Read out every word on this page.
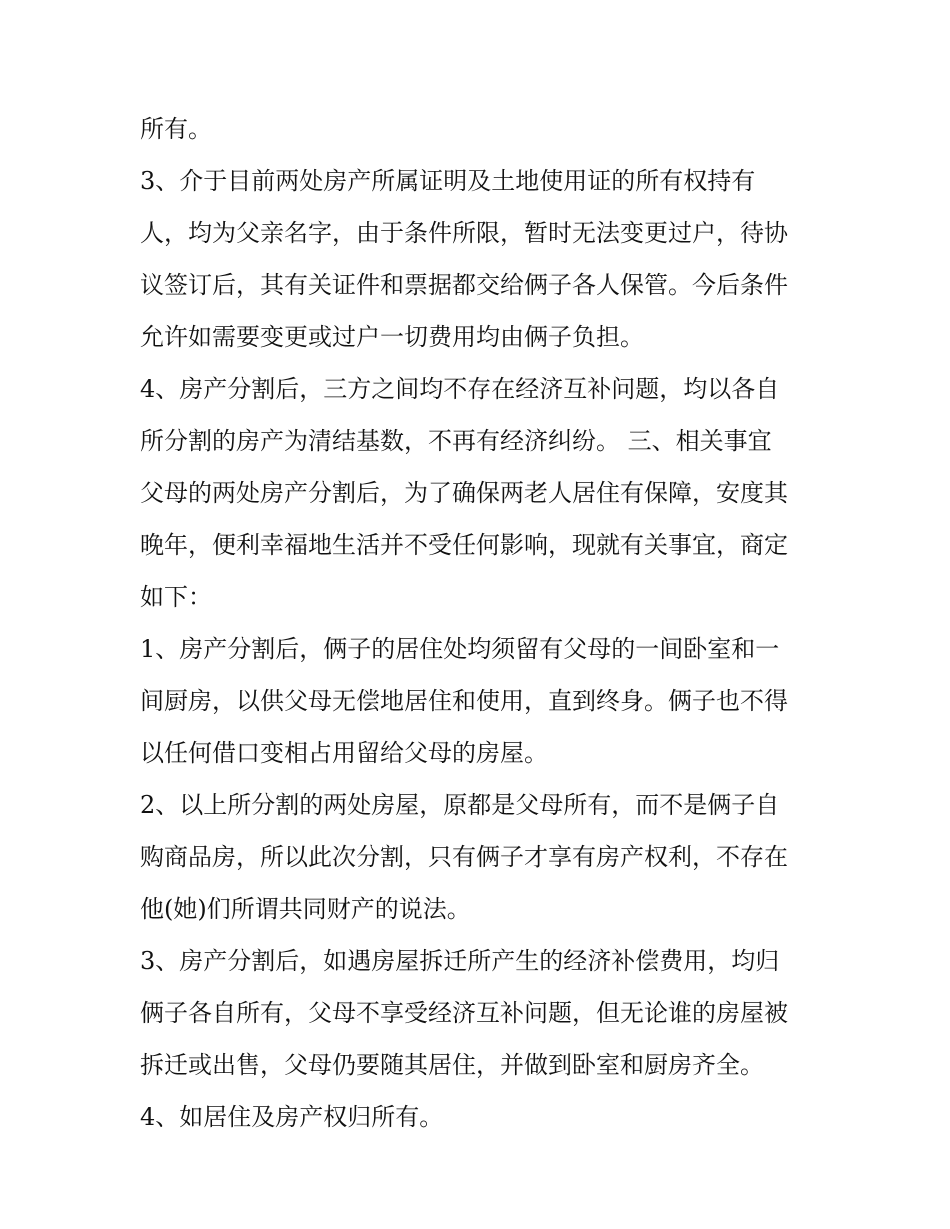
所有。
3、介于目前两处房产所属证明及土地使用证的所有权持有
人，均为父亲名字，由于条件所限，暂时无法变更过户，待协
议签订后，其有关证件和票据都交给俩子各人保管。今后条件
允许如需要变更或过户一切费用均由俩子负担。
4、房产分割后，三方之间均不存在经济互补问题，均以各自
所分割的房产为清结基数，不再有经济纠纷。 三、相关事宜
父母的两处房产分割后，为了确保两老人居住有保障，安度其
晚年，便利幸福地生活并不受任何影响，现就有关事宜，商定
如下：
1、房产分割后，俩子的居住处均须留有父母的一间卧室和一
间厨房，以供父母无偿地居住和使用，直到终身。俩子也不得
以任何借口变相占用留给父母的房屋。
2、以上所分割的两处房屋，原都是父母所有，而不是俩子自
购商品房，所以此次分割，只有俩子才享有房产权利，不存在
他(她)们所谓共同财产的说法。
3、房产分割后，如遇房屋拆迁所产生的经济补偿费用，均归
俩子各自所有，父母不享受经济互补问题，但无论谁的房屋被
拆迁或出售，父母仍要随其居住，并做到卧室和厨房齐全。
4、如居住及房产权归所有。
